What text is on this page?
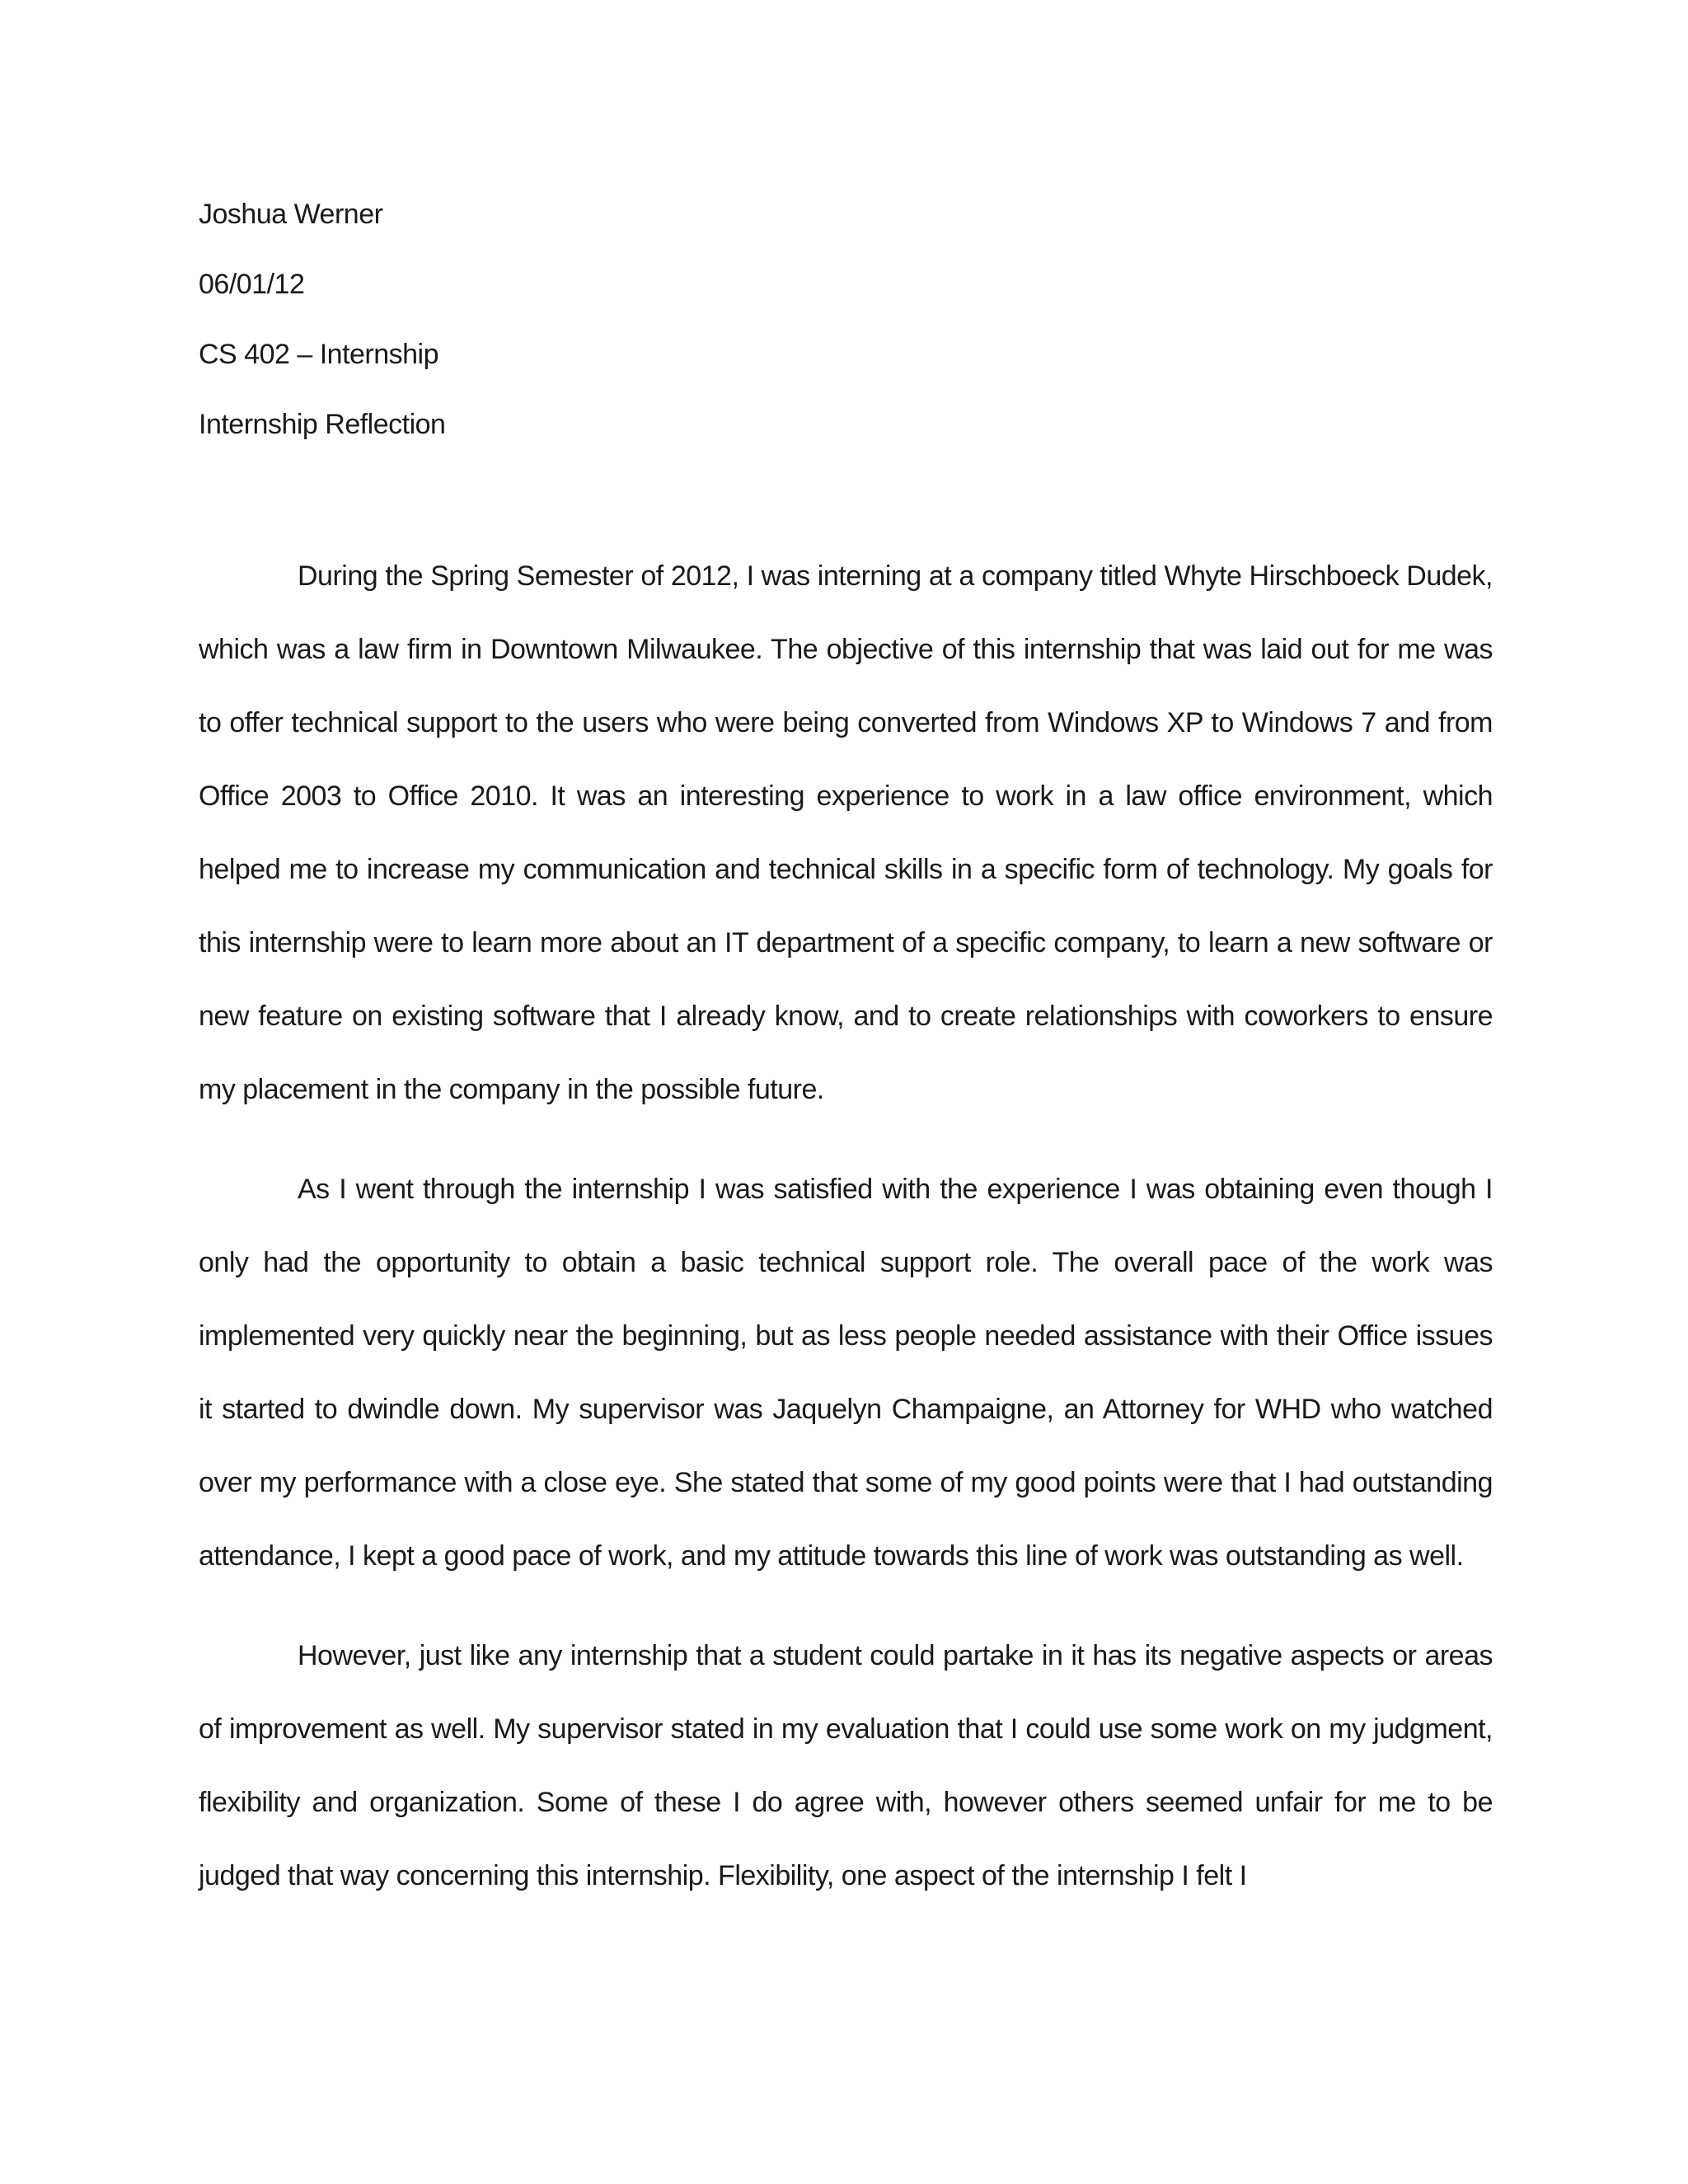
Joshua Werner
06/01/12
CS 402 – Internship
Internship Reflection

During the Spring Semester of 2012, I was interning at a company titled Whyte Hirschboeck Dudek, which was a law firm in Downtown Milwaukee. The objective of this internship that was laid out for me was to offer technical support to the users who were being converted from Windows XP to Windows 7 and from Office 2003 to Office 2010. It was an interesting experience to work in a law office environment, which helped me to increase my communication and technical skills in a specific form of technology. My goals for this internship were to learn more about an IT department of a specific company, to learn a new software or new feature on existing software that I already know, and to create relationships with coworkers to ensure my placement in the company in the possible future.

As I went through the internship I was satisfied with the experience I was obtaining even though I only had the opportunity to obtain a basic technical support role. The overall pace of the work was implemented very quickly near the beginning, but as less people needed assistance with their Office issues it started to dwindle down. My supervisor was Jaquelyn Champaigne, an Attorney for WHD who watched over my performance with a close eye. She stated that some of my good points were that I had outstanding attendance, I kept a good pace of work, and my attitude towards this line of work was outstanding as well.

However, just like any internship that a student could partake in it has its negative aspects or areas of improvement as well. My supervisor stated in my evaluation that I could use some work on my judgment, flexibility and organization. Some of these I do agree with, however others seemed unfair for me to be judged that way concerning this internship. Flexibility, one aspect of the internship I felt I
